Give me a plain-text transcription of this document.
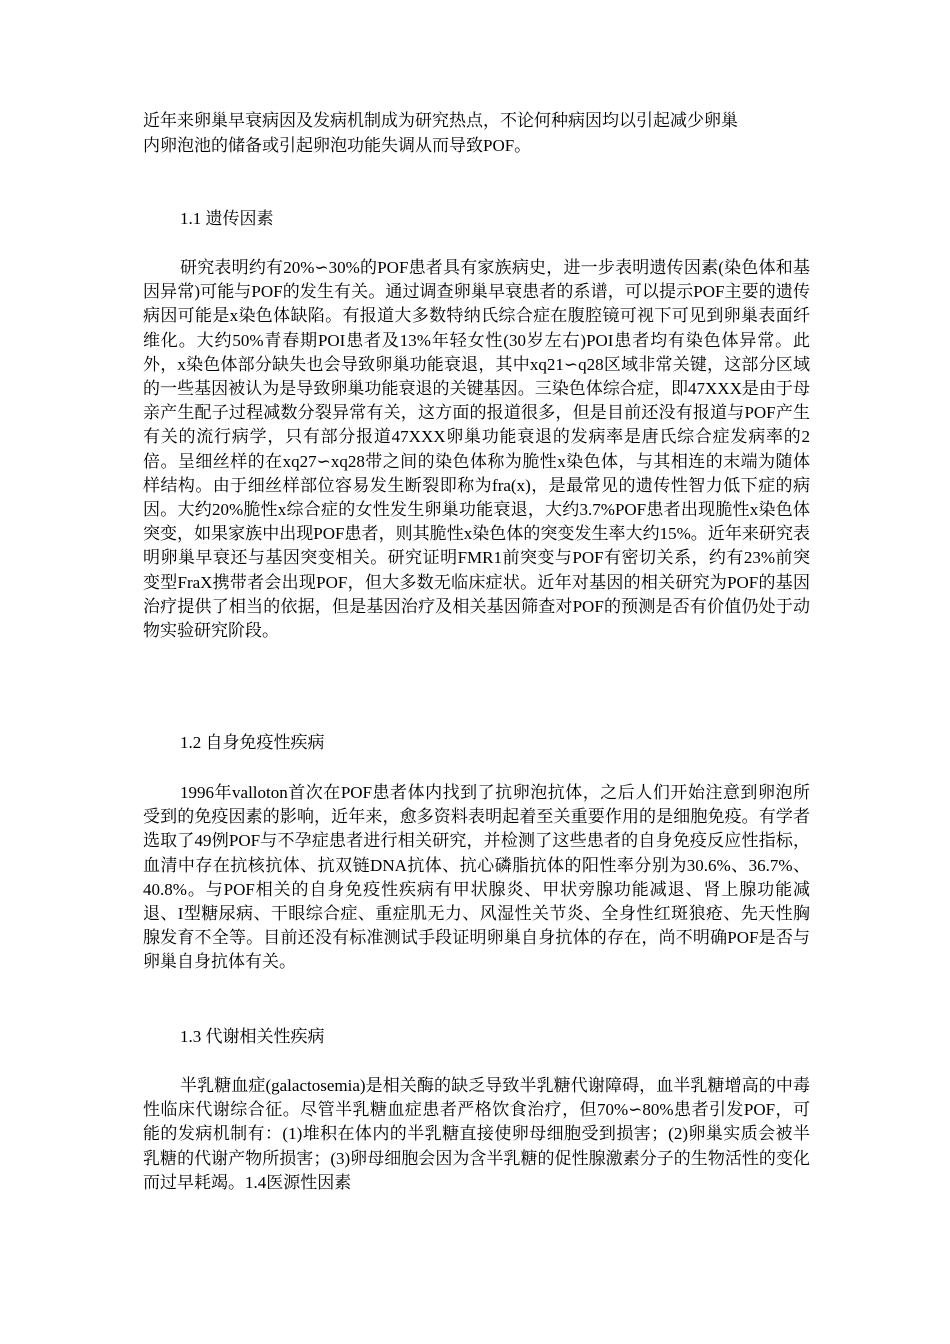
近年来卵巢早衰病因及发病机制成为研究热点，不论何种病因均以引起减少卵巢
内卵泡池的储备或引起卵泡功能失调从而导致POF。

1.1 遗传因素

研究表明约有20%∽30%的POF患者具有家族病史，进一步表明遗传因素(染色体和基因异常)可能与POF的发生有关。通过调查卵巢早衰患者的系谱，可以提示POF主要的遗传病因可能是x染色体缺陷。有报道大多数特纳氏综合症在腹腔镜可视下可见到卵巢表面纤维化。大约50%青春期POI患者及13%年轻女性(30岁左右)POI患者均有染色体异常。此外，x染色体部分缺失也会导致卵巢功能衰退，其中xq21∽q28区域非常关键，这部分区域的一些基因被认为是导致卵巢功能衰退的关键基因。三染色体综合症，即47XXX是由于母亲产生配子过程减数分裂异常有关，这方面的报道很多，但是目前还没有报道与POF产生有关的流行病学，只有部分报道47XXX卵巢功能衰退的发病率是唐氏综合症发病率的2倍。呈细丝样的在xq27∽xq28带之间的染色体称为脆性x染色体，与其相连的末端为随体样结构。由于细丝样部位容易发生断裂即称为fra(x)，是最常见的遗传性智力低下症的病因。大约20%脆性x综合症的女性发生卵巢功能衰退，大约3.7%POF患者出现脆性x染色体突变，如果家族中出现POF患者，则其脆性x染色体的突变发生率大约15%。近年来研究表明卵巢早衰还与基因突变相关。研究证明FMR1前突变与POF有密切关系，约有23%前突变型FraX携带者会出现POF，但大多数无临床症状。近年对基因的相关研究为POF的基因治疗提供了相当的依据，但是基因治疗及相关基因筛查对POF的预测是否有价值仍处于动物实验研究阶段。

1.2 自身免疫性疾病

1996年valloton首次在POF患者体内找到了抗卵泡抗体，之后人们开始注意到卵泡所受到的免疫因素的影响，近年来，愈多资料表明起着至关重要作用的是细胞免疫。有学者选取了49例POF与不孕症患者进行相关研究，并检测了这些患者的自身免疫反应性指标，血清中存在抗核抗体、抗双链DNA抗体、抗心磷脂抗体的阳性率分别为30.6%、36.7%、40.8%。与POF相关的自身免疫性疾病有甲状腺炎、甲状旁腺功能减退、肾上腺功能减退、I型糖尿病、干眼综合症、重症肌无力、风湿性关节炎、全身性红斑狼疮、先天性胸腺发育不全等。目前还没有标准测试手段证明卵巢自身抗体的存在，尚不明确POF是否与卵巢自身抗体有关。

1.3 代谢相关性疾病

半乳糖血症(galactosemia)是相关酶的缺乏导致半乳糖代谢障碍，血半乳糖增高的中毒性临床代谢综合征。尽管半乳糖血症患者严格饮食治疗，但70%∽80%患者引发POF，可能的发病机制有：(1)堆积在体内的半乳糖直接使卵母细胞受到损害；(2)卵巢实质会被半乳糖的代谢产物所损害；(3)卵母细胞会因为含半乳糖的促性腺激素分子的生物活性的变化而过早耗竭。1.4医源性因素
